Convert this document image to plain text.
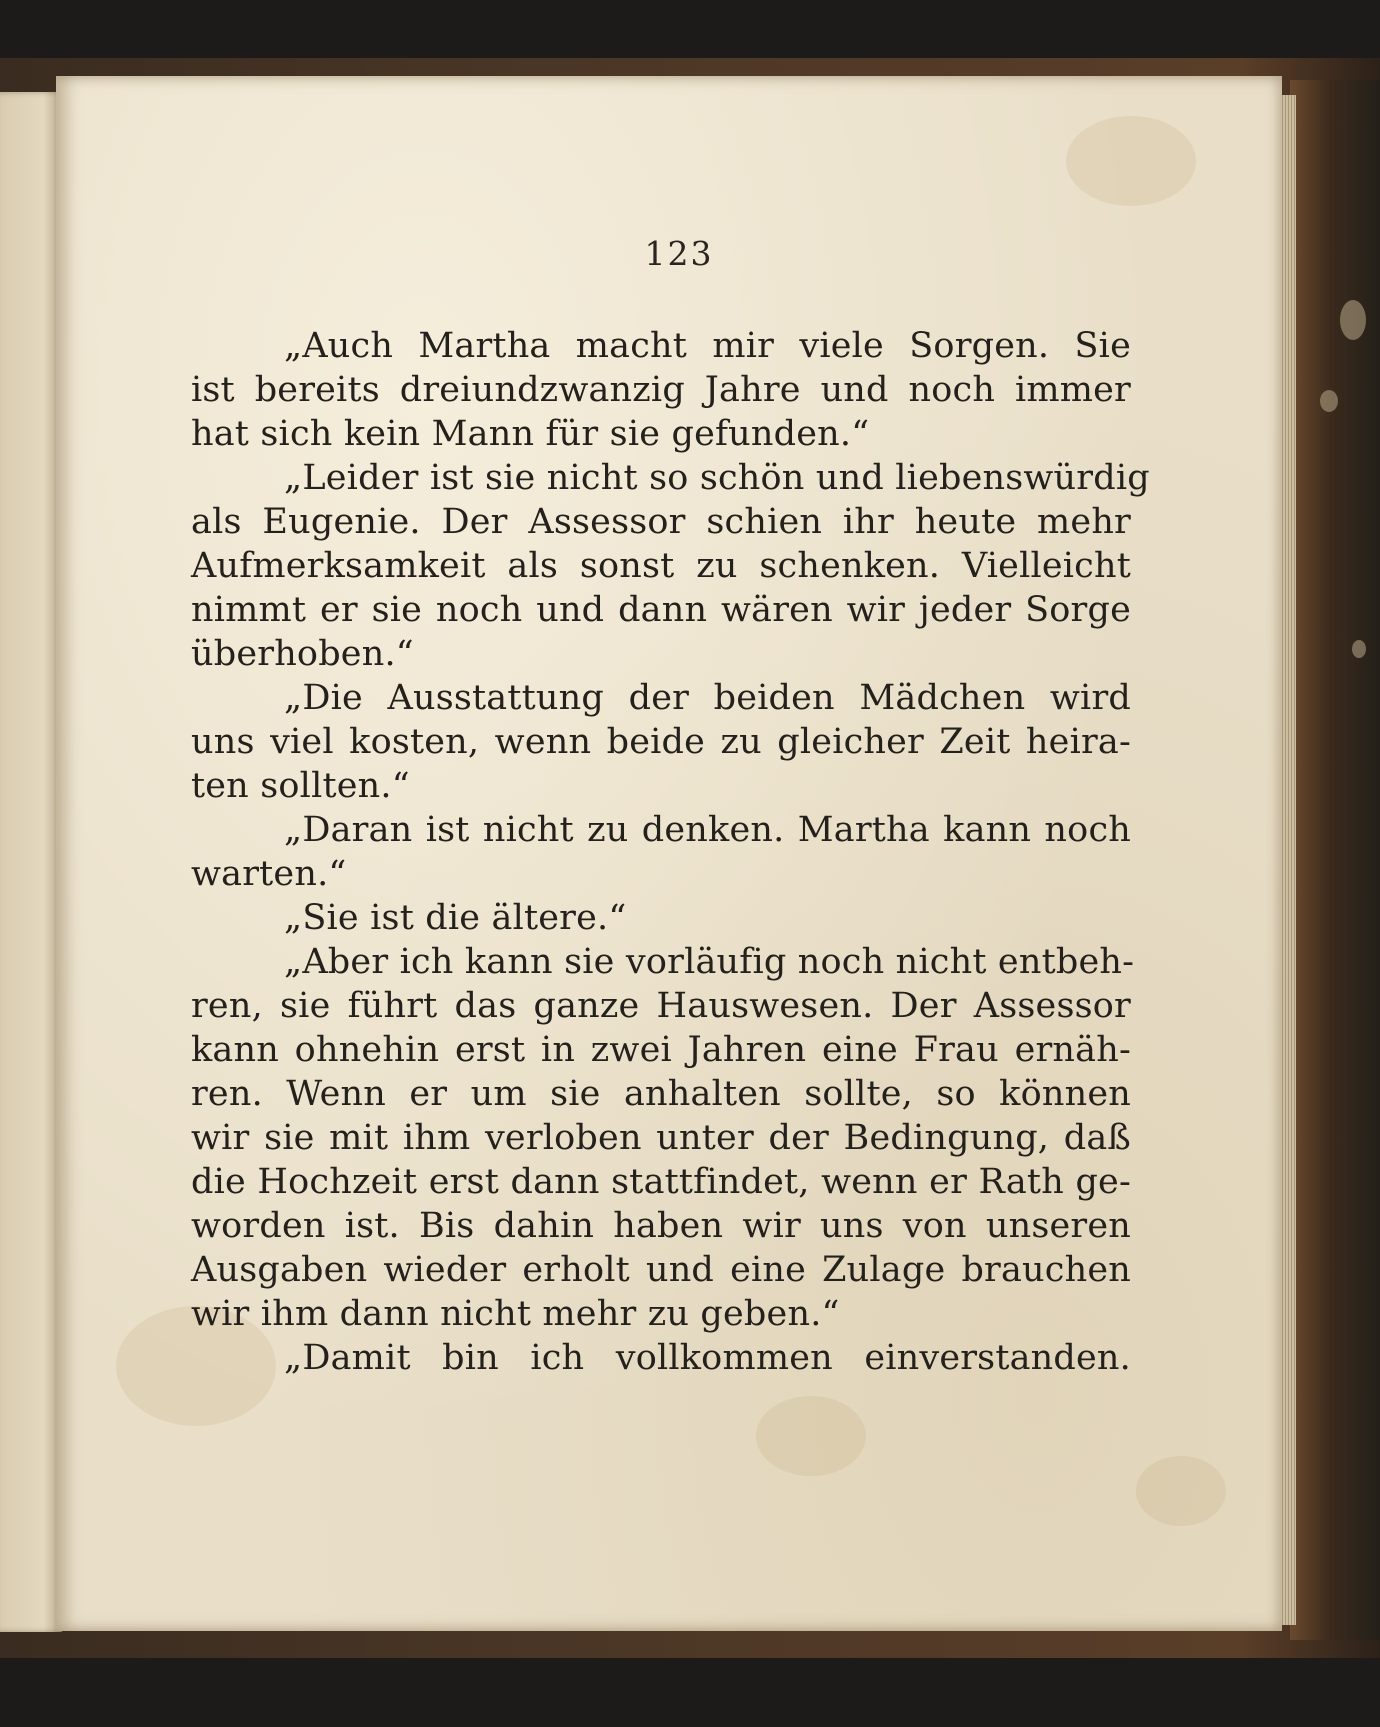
123
„Auch Martha macht mir viele Sorgen. Sie
ist bereits dreiundzwanzig Jahre und noch immer
hat sich kein Mann für sie gefunden.“
„Leider ist sie nicht so schön und liebenswürdig
als Eugenie. Der Assessor schien ihr heute mehr
Aufmerksamkeit als sonst zu schenken. Vielleicht
nimmt er sie noch und dann wären wir jeder Sorge
überhoben.“
„Die Ausstattung der beiden Mädchen wird
uns viel kosten, wenn beide zu gleicher Zeit heira-
ten sollten.“
„Daran ist nicht zu denken. Martha kann noch
warten.“
„Sie ist die ältere.“
„Aber ich kann sie vorläufig noch nicht entbeh-
ren, sie führt das ganze Hauswesen. Der Assessor
kann ohnehin erst in zwei Jahren eine Frau ernäh-
ren. Wenn er um sie anhalten sollte, so können
wir sie mit ihm verloben unter der Bedingung, daß
die Hochzeit erst dann stattfindet, wenn er Rath ge-
worden ist. Bis dahin haben wir uns von unseren
Ausgaben wieder erholt und eine Zulage brauchen
wir ihm dann nicht mehr zu geben.“
„Damit bin ich vollkommen einverstanden.
